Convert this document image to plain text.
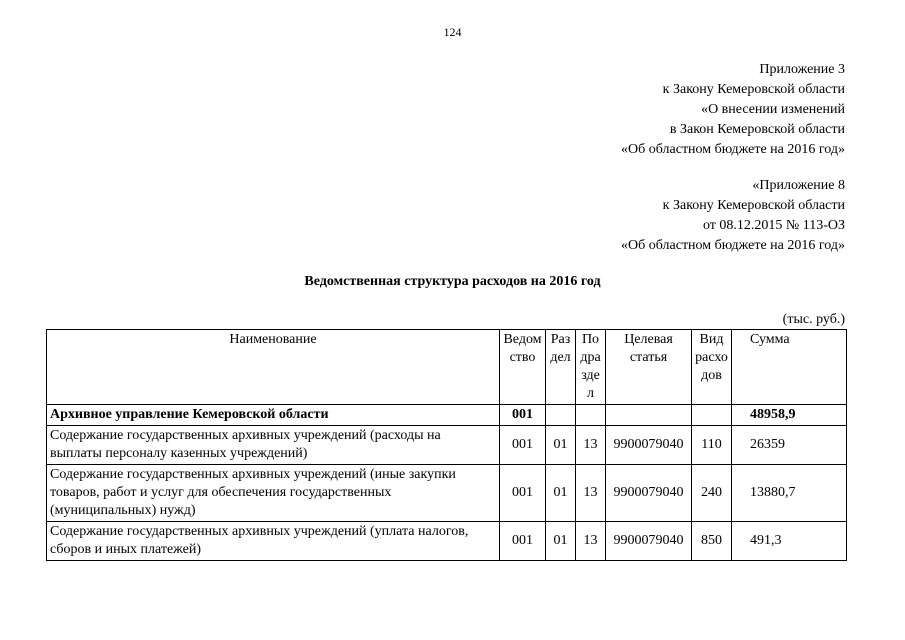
124
Приложение 3
к Закону Кемеровской области
«О внесении изменений
в Закон Кемеровской области
«Об областном бюджете на 2016 год»
«Приложение 8
к Закону Кемеровской области
от 08.12.2015 № 113-ОЗ
«Об областном бюджете на 2016 год»
Ведомственная структура расходов на 2016 год
(тыс. руб.)
Наименование	Ведомство	Раздел	Подраздел	Целевая статья	Вид расходов	Сумма
Архивное управление Кемеровской области	001					48958,9
Содержание государственных архивных учреждений (расходы на выплаты персоналу казенных учреждений)	001	01	13	9900079040	110	26359
Содержание государственных архивных учреждений (иные закупки товаров, работ и услуг для обеспечения государственных (муниципальных) нужд)	001	01	13	9900079040	240	13880,7
Содержание государственных архивных учреждений (уплата налогов, сборов и иных платежей)	001	01	13	9900079040	850	491,3
